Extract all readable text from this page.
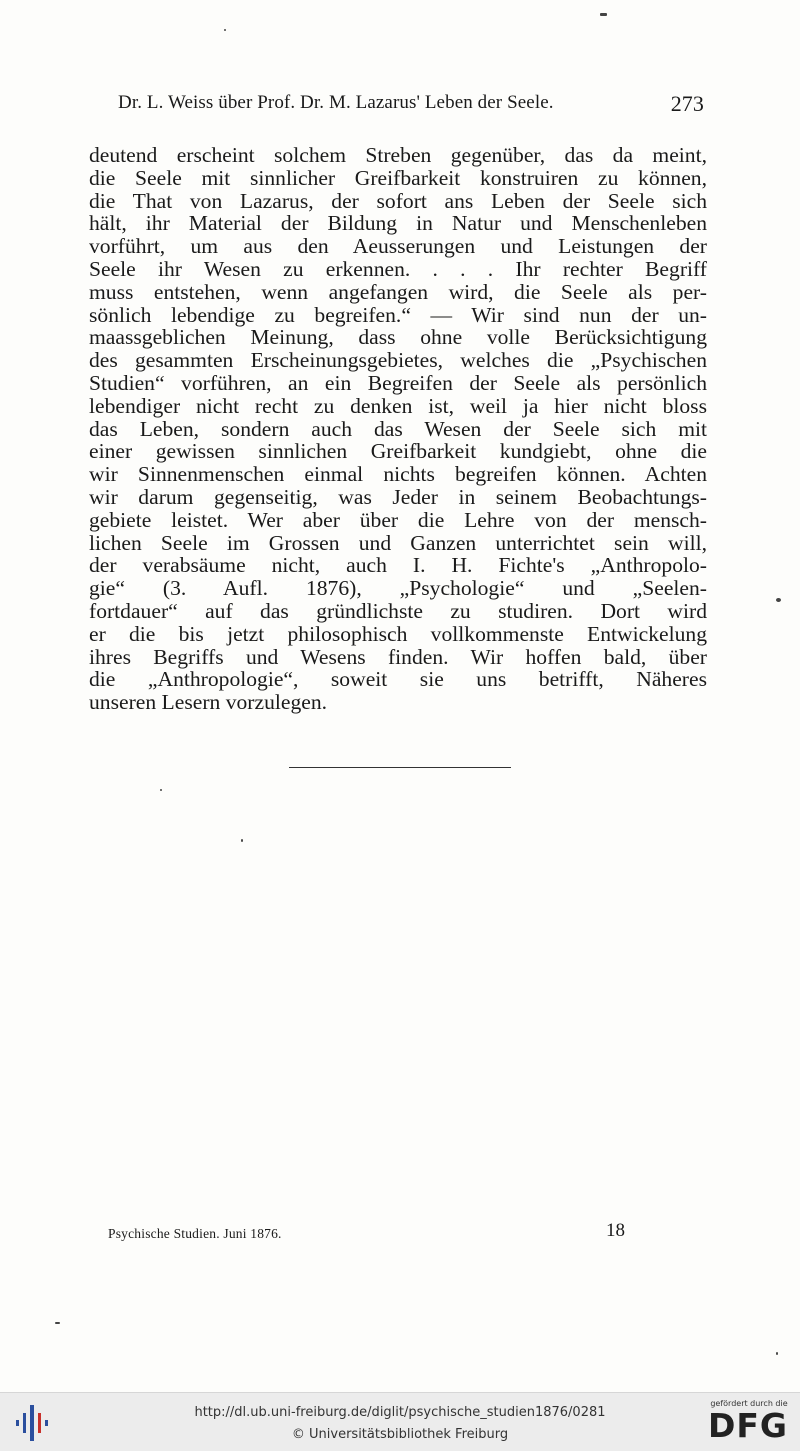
Dr. L. Weiss über Prof. Dr. M. Lazarus' Leben der Seele.	273
deutend erscheint solchem Streben gegenüber, das da meint,
die Seele mit sinnlicher Greifbarkeit konstruiren zu können,
die That von Lazarus, der sofort ans Leben der Seele sich
hält, ihr Material der Bildung in Natur und Menschenleben
vorführt, um aus den Aeusserungen und Leistungen der
Seele ihr Wesen zu erkennen. . . . Ihr rechter Begriff
muss entstehen, wenn angefangen wird, die Seele als per-
sönlich lebendige zu begreifen.“ — Wir sind nun der un-
maassgeblichen Meinung, dass ohne volle Berücksichtigung
des gesammten Erscheinungsgebietes, welches die „Psychischen
Studien“ vorführen, an ein Begreifen der Seele als persönlich
lebendiger nicht recht zu denken ist, weil ja hier nicht bloss
das Leben, sondern auch das Wesen der Seele sich mit
einer gewissen sinnlichen Greifbarkeit kundgiebt, ohne die
wir Sinnenmenschen einmal nichts begreifen können. Achten
wir darum gegenseitig, was Jeder in seinem Beobachtungs-
gebiete leistet. Wer aber über die Lehre von der mensch-
lichen Seele im Grossen und Ganzen unterrichtet sein will,
der verabsäume nicht, auch I. H. Fichte's „Anthropolo-
gie“ (3. Aufl. 1876), „Psychologie“ und „Seelen-
fortdauer“ auf das gründlichste zu studiren. Dort wird
er die bis jetzt philosophisch vollkommenste Entwickelung
ihres Begriffs und Wesens finden. Wir hoffen bald, über
die „Anthropologie“, soweit sie uns betrifft, Näheres
unseren Lesern vorzulegen.
Psychische Studien. Juni 1876.	18
http://dl.ub.uni-freiburg.de/diglit/psychische_studien1876/0281
© Universitätsbibliothek Freiburg
gefördert durch die
DFG
